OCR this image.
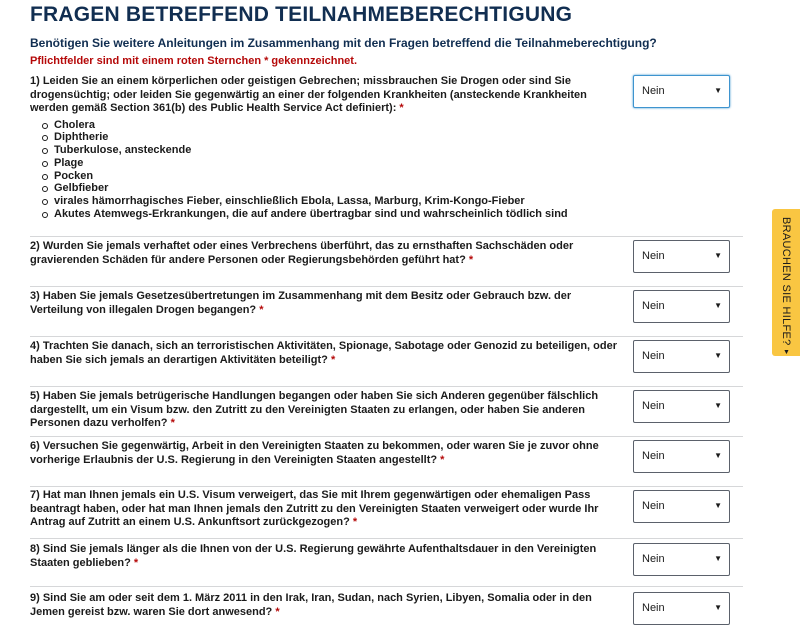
FRAGEN BETREFFEND TEILNAHMEBERECHTIGUNG

Benötigen Sie weitere Anleitungen im Zusammenhang mit den Fragen betreffend die Teilnahmeberechtigung?

Pflichtfelder sind mit einem roten Sternchen * gekennzeichnet.

1) Leiden Sie an einem körperlichen oder geistigen Gebrechen; missbrauchen Sie Drogen oder sind Sie drogensüchtig; oder leiden Sie gegenwärtig an einer der folgenden Krankheiten (ansteckende Krankheiten werden gemäß Section 361(b) des Public Health Service Act definiert): *
Cholera
Diphtherie
Tuberkulose, ansteckende
Plage
Pocken
Gelbfieber
virales hämorrhagisches Fieber, einschließlich Ebola, Lassa, Marburg, Krim-Kongo-Fieber
Akutes Atemwegs-Erkrankungen, die auf andere übertragbar sind und wahrscheinlich tödlich sind
Nein	▼
2) Wurden Sie jemals verhaftet oder eines Verbrechens überführt, das zu ernsthaften Sachschäden oder gravierenden Schäden für andere Personen oder Regierungsbehörden geführt hat? *	Nein	▼
3) Haben Sie jemals Gesetzesübertretungen im Zusammenhang mit dem Besitz oder Gebrauch bzw. der Verteilung von illegalen Drogen begangen? *	Nein	▼
4) Trachten Sie danach, sich an terroristischen Aktivitäten, Spionage, Sabotage oder Genozid zu beteiligen, oder haben Sie sich jemals an derartigen Aktivitäten beteiligt? *	Nein	▼
5) Haben Sie jemals betrügerische Handlungen begangen oder haben Sie sich Anderen gegenüber fälschlich dargestellt, um ein Visum bzw. den Zutritt zu den Vereinigten Staaten zu erlangen, oder haben Sie anderen Personen dazu verholfen? *
Nein	▼
6) Versuchen Sie gegenwärtig, Arbeit in den Vereinigten Staaten zu bekommen, oder waren Sie je zuvor ohne vorherige Erlaubnis der U.S. Regierung in den Vereinigten Staaten angestellt? *	Nein	▼
7) Hat man Ihnen jemals ein U.S. Visum verweigert, das Sie mit Ihrem gegenwärtigen oder ehemaligen Pass beantragt haben, oder hat man Ihnen jemals den Zutritt zu den Vereinigten Staaten verweigert oder wurde Ihr Antrag auf Zutritt an einem U.S. Ankunftsort zurückgezogen? *
Nein	▼
8) Sind Sie jemals länger als die Ihnen von der U.S. Regierung gewährte Aufenthaltsdauer in den Vereinigten Staaten geblieben? *	Nein	▼
9) Sind Sie am oder seit dem 1. März 2011 in den Irak, Iran, Sudan, nach Syrien, Libyen, Somalia oder in den Jemen gereist bzw. waren Sie dort anwesend? *	Nein	▼
BRAUCHEN SIE HILFE? ▼
